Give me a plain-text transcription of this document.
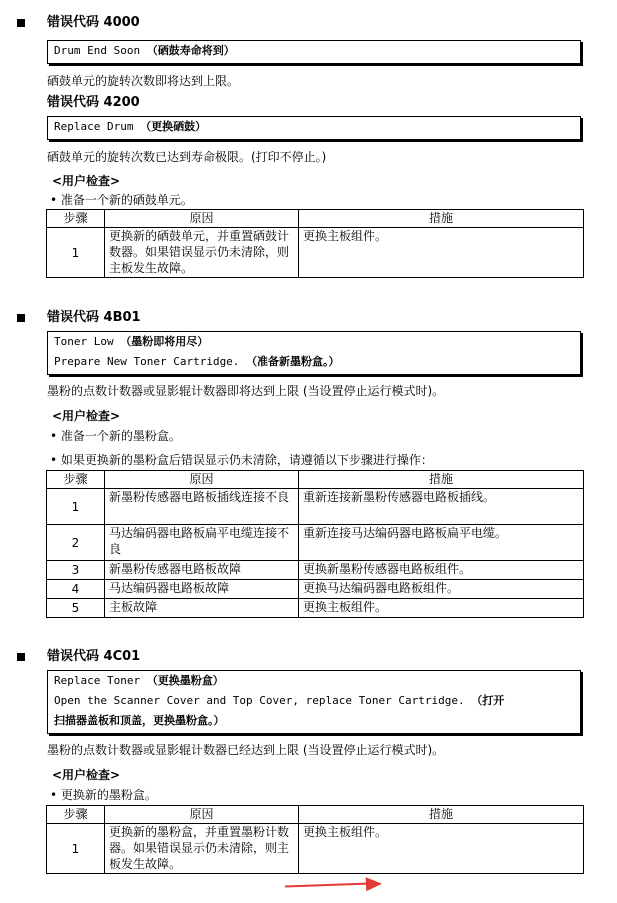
错误代码 4000
Drum End Soon （硒鼓寿命将到）
硒鼓单元的旋转次数即将达到上限。
错误代码 4200
Replace Drum （更换硒鼓）
硒鼓单元的旋转次数已达到寿命极限。(打印不停止。)
<用户检查>
• 准备一个新的硒鼓单元。
步骤	原因	措施
1	更换新的硒鼓单元，并重置硒鼓计数器。如果错误显示仍未清除，则主板发生故障。	更换主板组件。
错误代码 4B01
Toner Low （墨粉即将用尽）
Prepare New Toner Cartridge. （准备新墨粉盒。）
墨粉的点数计数器或显影辊计数器即将达到上限 (当设置停止运行模式时)。
<用户检查>
• 准备一个新的墨粉盒。
• 如果更换新的墨粉盒后错误显示仍未清除，请遵循以下步骤进行操作：
步骤	原因	措施
1	新墨粉传感器电路板插线连接不良	重新连接新墨粉传感器电路板插线。
2	马达编码器电路板扁平电缆连接不良	重新连接马达编码器电路板扁平电缆。
3	新墨粉传感器电路板故障	更换新墨粉传感器电路板组件。
4	马达编码器电路板故障	更换马达编码器电路板组件。
5	主板故障	更换主板组件。
错误代码 4C01
Replace Toner （更换墨粉盒）
Open the Scanner Cover and Top Cover, replace Toner Cartridge. （打开
扫描器盖板和顶盖，更换墨粉盒。）
墨粉的点数计数器或显影辊计数器已经达到上限 (当设置停止运行模式时)。
<用户检查>
• 更换新的墨粉盒。
步骤	原因	措施
1	更换新的墨粉盒，并重置墨粉计数器。如果错误显示仍未清除，则主板发生故障。	更换主板组件。
